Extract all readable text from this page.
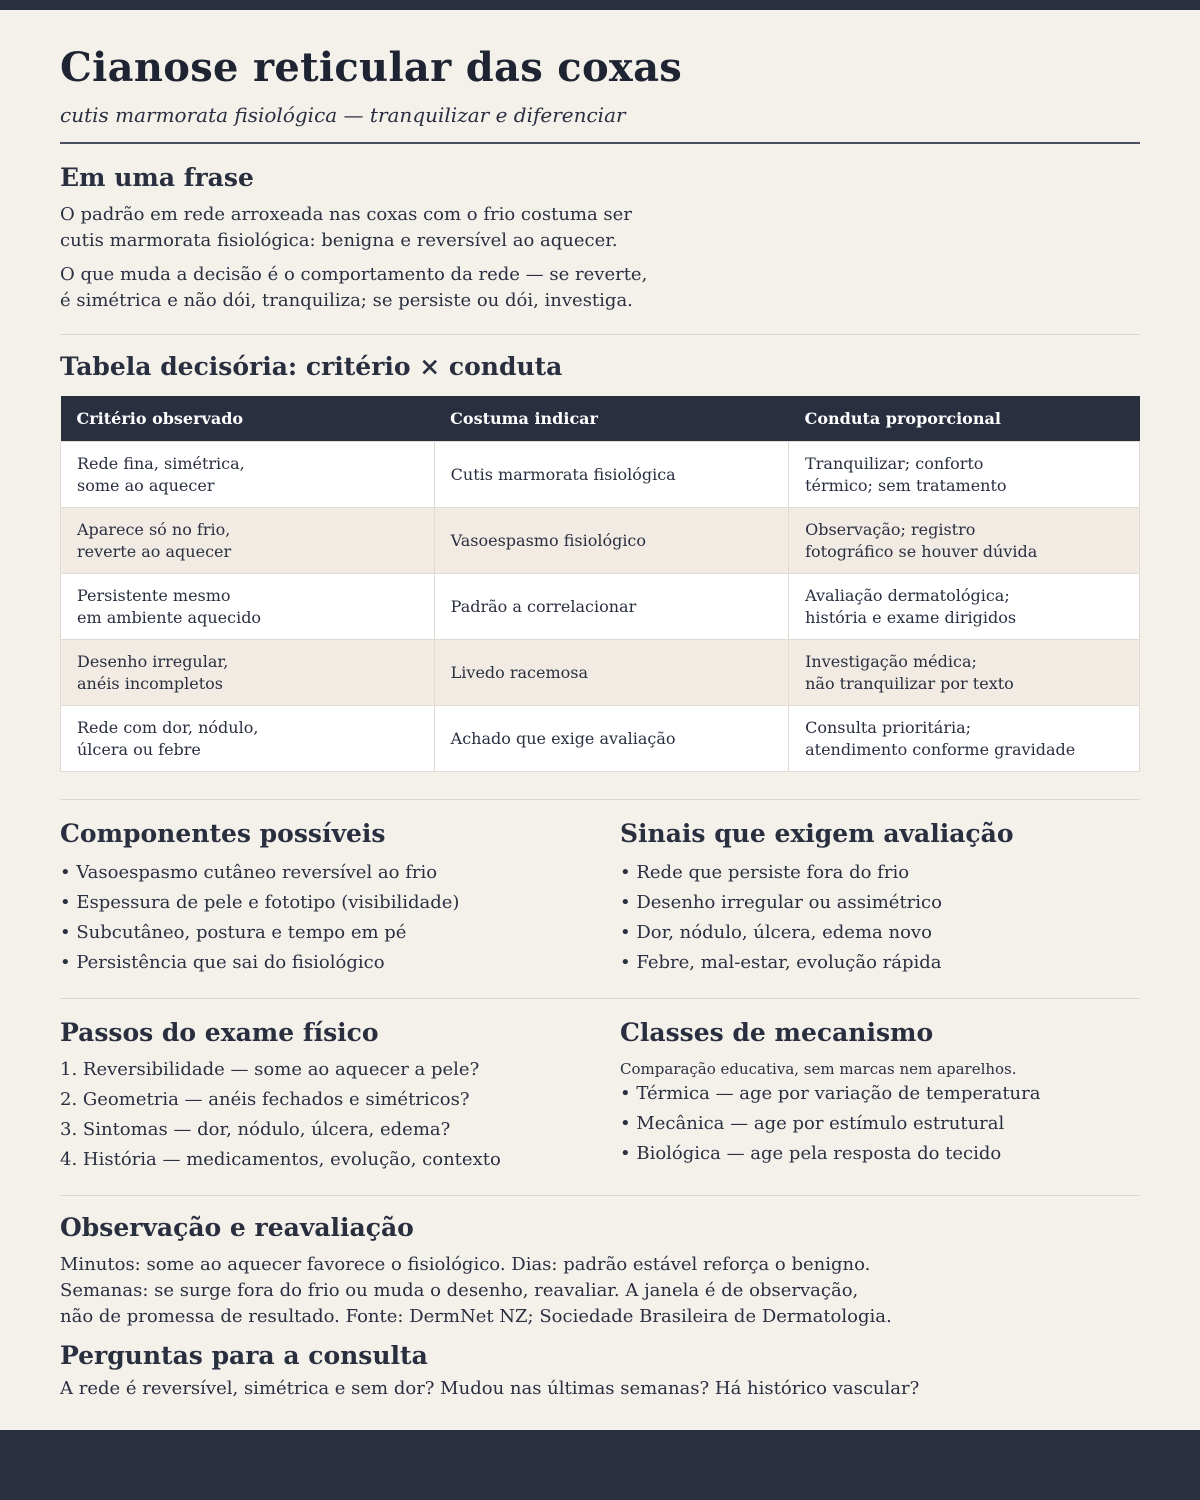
Cianose reticular das coxas
cutis marmorata fisiológica — tranquilizar e diferenciar
Em uma frase

O padrão em rede arroxeada nas coxas com o frio costuma ser
cutis marmorata fisiológica: benigna e reversível ao aquecer.

O que muda a decisão é o comportamento da rede — se reverte,
é simétrica e não dói, tranquiliza; se persiste ou dói, investiga.

Tabela decisória: critério × conduta
Critério observado	Costuma indicar	Conduta proporcional
Rede fina, simétrica,
some ao aquecer	Cutis marmorata fisiológica	Tranquilizar; conforto
térmico; sem tratamento
Aparece só no frio,
reverte ao aquecer	Vasoespasmo fisiológico	Observação; registro
fotográfico se houver dúvida
Persistente mesmo
em ambiente aquecido	Padrão a correlacionar	Avaliação dermatológica;
história e exame dirigidos
Desenho irregular,
anéis incompletos	Livedo racemosa	Investigação médica;
não tranquilizar por texto
Rede com dor, nódulo,
úlcera ou febre	Achado que exige avaliação	Consulta prioritária;
atendimento conforme gravidade
Componentes possíveis
• Vasoespasmo cutâneo reversível ao frio
• Espessura de pele e fototipo (visibilidade)
• Subcutâneo, postura e tempo em pé
• Persistência que sai do fisiológico
Sinais que exigem avaliação
• Rede que persiste fora do frio
• Desenho irregular ou assimétrico
• Dor, nódulo, úlcera, edema novo
• Febre, mal-estar, evolução rápida
Passos do exame físico
1. Reversibilidade — some ao aquecer a pele?
2. Geometria — anéis fechados e simétricos?
3. Sintomas — dor, nódulo, úlcera, edema?
4. História — medicamentos, evolução, contexto
Classes de mecanismo
Comparação educativa, sem marcas nem aparelhos.
• Térmica — age por variação de temperatura
• Mecânica — age por estímulo estrutural
• Biológica — age pela resposta do tecido
Observação e reavaliação

Minutos: some ao aquecer favorece o fisiológico. Dias: padrão estável reforça o benigno.
Semanas: se surge fora do frio ou muda o desenho, reavaliar. A janela é de observação,
não de promessa de resultado. Fonte: DermNet NZ; Sociedade Brasileira de Dermatologia.

Perguntas para a consulta

A rede é reversível, simétrica e sem dor? Mudou nas últimas semanas? Há histórico vascular?
